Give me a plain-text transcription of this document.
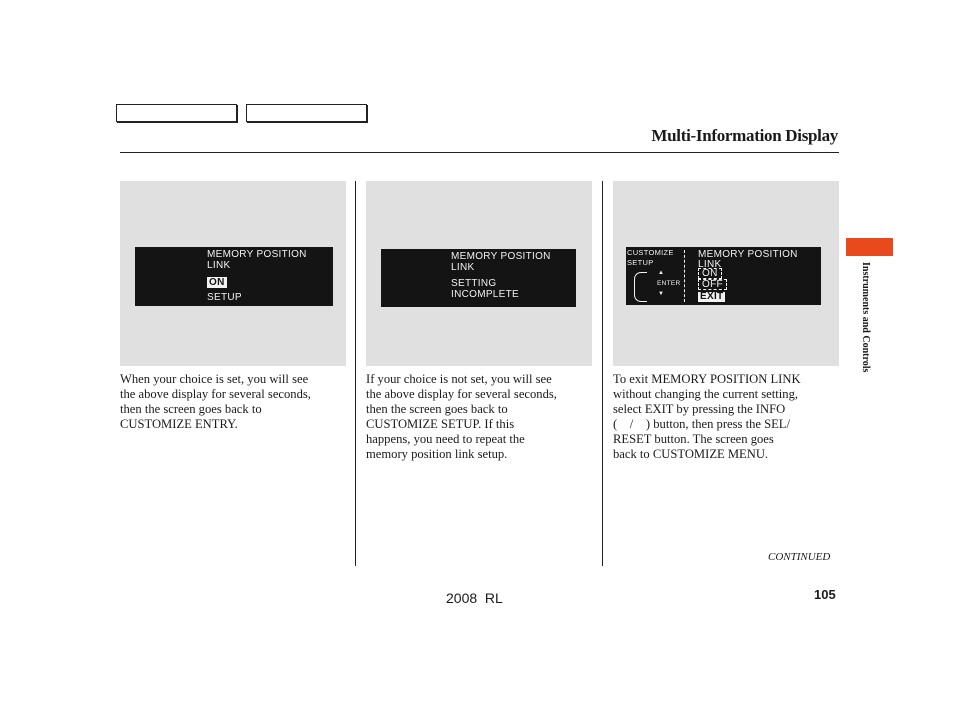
Multi-Information Display
MEMORY POSITION
LINK
ON
SETUP
MEMORY POSITION
LINK
SETTING
INCOMPLETE
CUSTOMIZE
SETUP
▲
ENTER
▼
MEMORY POSITION
LINK
ON
OFF
EXIT
When your choice is set, you will see
the above display for several seconds,
then the screen goes back to
CUSTOMIZE ENTRY.
If your choice is not set, you will see
the above display for several seconds,
then the screen goes back to
CUSTOMIZE SETUP. If this
happens, you need to repeat the
memory position link setup.
To exit MEMORY POSITION LINK
without changing the current setting,
select EXIT by pressing the INFO
(    /    ) button, then press the SEL/
RESET button. The screen goes
back to CUSTOMIZE MENU.
CONTINUED
105
2008  RL
Instruments and Controls
